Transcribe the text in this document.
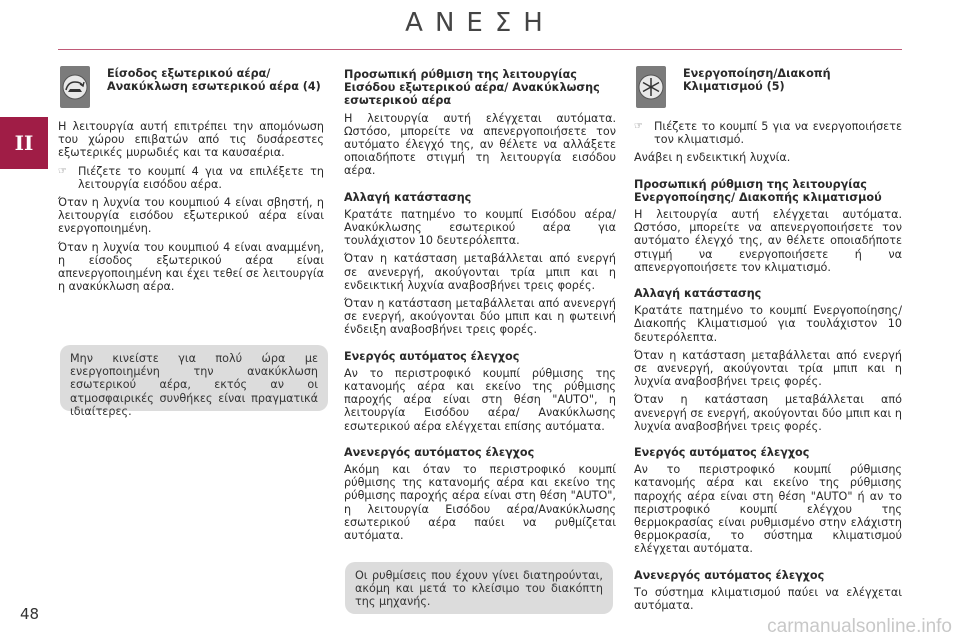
ΑΝΕΣΗ
II
Είσοδος εξωτερικού αέρα/ Ανακύκλωση εσωτερικού αέρα (4)

Η λειτουργία αυτή επιτρέπει την απομόνωση του χώρου επιβατών από τις δυσάρεστες εξωτερικές μυρωδιές και τα καυσαέρια.

☞ Πιέζετε το κουμπί 4 για να επιλέξετε τη λειτουργία εισόδου αέρα.

Όταν η λυχνία του κουμπιού 4 είναι σβηστή, η λειτουργία εισόδου εξωτερικού αέρα είναι ενεργοποιημένη.

Όταν η λυχνία του κουμπιού 4 είναι αναμμένη, η είσοδος εξωτερικού αέρα είναι απενεργοποιημένη και έχει τεθεί σε λειτουργία η ανακύκλωση αέρα.

Μην κινείστε για πολύ ώρα με ενεργοποιημένη την ανακύκλωση εσωτερικού αέρα, εκτός αν οι ατμοσφαιρικές συνθήκες είναι πραγματικά ιδιαίτερες.
Προσωπική ρύθμιση της λειτουργίας Εισόδου εξωτερικού αέρα/ Ανακύκλωσης εσωτερικού αέρα

Η λειτουργία αυτή ελέγχεται αυτόματα. Ωστόσο, μπορείτε να απενεργοποιήσετε τον αυτόματο έλεγχό της, αν θέλετε να αλλάξετε οποιαδήποτε στιγμή τη λειτουργία εισόδου αέρα.

Αλλαγή κατάστασης

Κρατάτε πατημένο το κουμπί Εισόδου αέρα/Ανακύκλωσης εσωτερικού αέρα για τουλάχιστον 10 δευτερόλεπτα.

Όταν η κατάσταση μεταβάλλεται από ενεργή σε ανενεργή, ακούγονται τρία μπιπ και η ενδεικτική λυχνία αναβοσβήνει τρεις φορές.

Όταν η κατάσταση μεταβάλλεται από ανενεργή σε ενεργή, ακούγονται δύο μπιπ και η φωτεινή ένδειξη αναβοσβήνει τρεις φορές.

Ενεργός αυτόματος έλεγχος

Αν το περιστροφικό κουμπί ρύθμισης της κατανομής αέρα και εκείνο της ρύθμισης παροχής αέρα είναι στη θέση "AUTO", η λειτουργία Εισόδου αέρα/ Ανακύκλωσης εσωτερικού αέρα ελέγχεται επίσης αυτόματα.

Ανενεργός αυτόματος έλεγχος

Ακόμη και όταν το περιστροφικό κουμπί ρύθμισης της κατανομής αέρα και εκείνο της ρύθμισης παροχής αέρα είναι στη θέση "AUTO", η λειτουργία Εισόδου αέρα/Ανακύκλωσης εσωτερικού αέρα παύει να ρυθμίζεται αυτόματα.

Οι ρυθμίσεις που έχουν γίνει διατηρούνται, ακόμη και μετά το κλείσιμο του διακόπτη της μηχανής.
Ενεργοποίηση/Διακοπή Κλιματισμού (5)
☞ Πιέζετε το κουμπί 5 για να ενεργοποιήσετε τον κλιματισμό.

Ανάβει η ενδεικτική λυχνία.

Προσωπική ρύθμιση της λειτουργίας Ενεργοποίησης/ Διακοπής κλιματισμού

Η λειτουργία αυτή ελέγχεται αυτόματα. Ωστόσο, μπορείτε να απενεργοποιήσετε τον αυτόματο έλεγχό της, αν θέλετε οποιαδήποτε στιγμή να ενεργοποιήσετε ή να απενεργοποιήσετε τον κλιματισμό.

Αλλαγή κατάστασης

Κρατάτε πατημένο το κουμπί Ενεργοποίησης/Διακοπής Κλιματισμού για τουλάχιστον 10 δευτερόλεπτα.

Όταν η κατάσταση μεταβάλλεται από ενεργή σε ανενεργή, ακούγονται τρία μπιπ και η λυχνία αναβοσβήνει τρεις φορές.

Όταν η κατάσταση μεταβάλλεται από ανενεργή σε ενεργή, ακούγονται δύο μπιπ και η λυχνία αναβοσβήνει τρεις φορές.

Ενεργός αυτόματος έλεγχος

Αν το περιστροφικό κουμπί ρύθμισης κατανομής αέρα και εκείνο της ρύθμισης παροχής αέρα είναι στη θέση "AUTO" ή αν το περιστροφικό κουμπί ελέγχου της θερμοκρασίας είναι ρυθμισμένο στην ελάχιστη θερμοκρασία, το σύστημα κλιματισμού ελέγχεται αυτόματα.

Ανενεργός αυτόματος έλεγχος

Το σύστημα κλιματισμού παύει να ελέγχεται αυτόματα.

48
carmanualsonline.info
